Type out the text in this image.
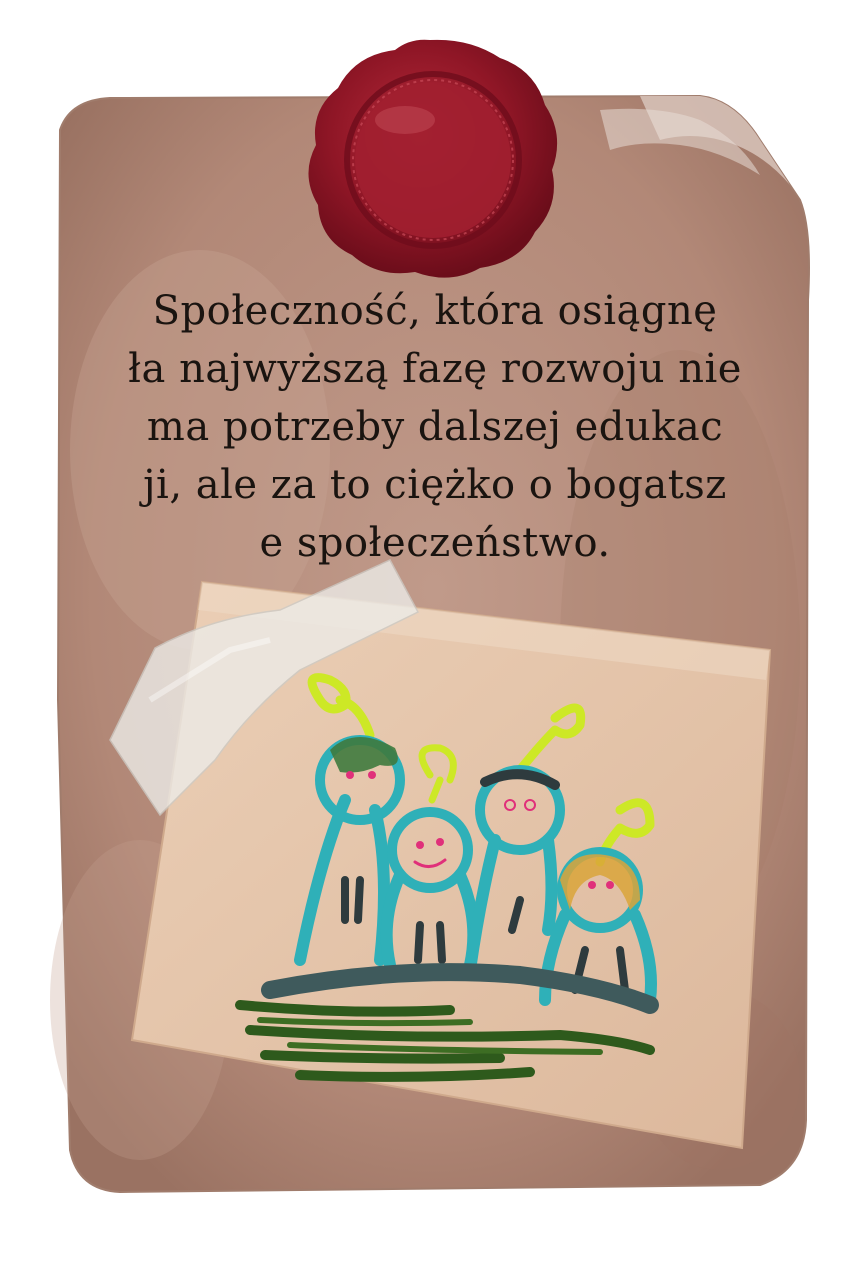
Społeczność, która osiągnę
ła najwyższą fazę rozwoju nie
ma potrzeby dalszej edukac
ji, ale za to ciężko o bogatsz
e społeczeństwo.
